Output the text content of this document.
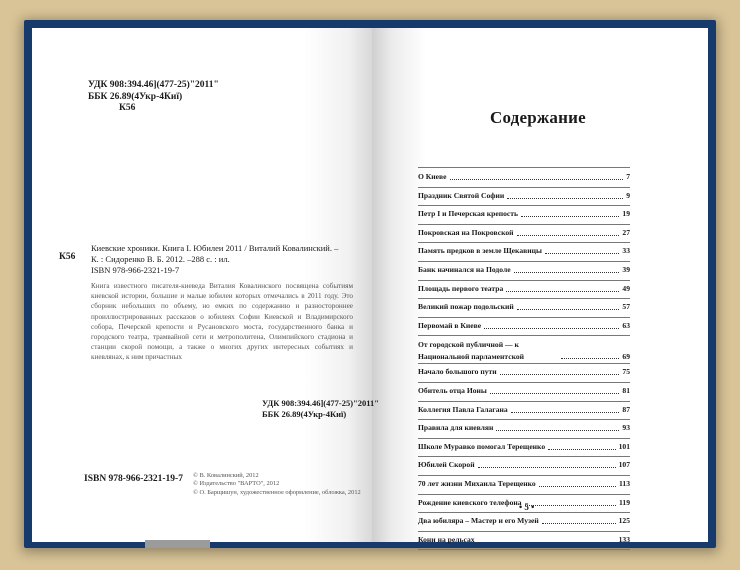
УДК 908:394.46](477-25)"2011"
ББК 26.89(4Укр-4Киї)
К56
К56
Киевские хроники. Книга I. Юбилеи 2011 / Виталий Ковалинский. –
К. : Сидоренко В. Б. 2012. –288 с. : ил.
ISBN 978-966-2321-19-7
Книга известного писателя-киеведа Виталия Ковалинского посвящена событиям киевской истории, большие и малые юбилеи которых отмечались в 2011 году. Это сборник небольших по объему, но емких по содержанию и разностороннее проиллюстрированных рассказов о юбилеях Софии Киевской и Владимирского собора, Печерской крепости и Русановского моста, государственного банка и городского театра, трамвайной сети и метрополитена, Олимпийского стадиона и станции скорой помощи, а также о многих других интересных событиях и киевлянах, к ним причастных
УДК 908:394.46](477-25)"2011"
ББК 26.89(4Укр-4Киї)
ISBN 978-966-2321-19-7 © В. Ковалинский, 2012
© Издательство "ВАРТО", 2012
© О. Барщишун, художественное оформление, обложка, 2012
Содержание
О Киеве	7
Праздник Святой Софии	9
Петр I и Печерская крепость	19
Покровская на Покровской	27
Память предков в земле Щекавицы	33
Банк начинался на Подоле	39
Площадь первого театра	49
Великий пожар подольский	57
Первомай в Киеве	63
От городской публичной — к Национальной парламентской	69
Начало большого пути	75
Обитель отца Ионы	81
Коллегия Павла Галагана	87
Правила для киевлян	93
Школе Муравко помогал Терещенко	101
Юбилей Скорой	107
70 лет жизни Михаила Терещенко	113
Рождение киевского телефона	119
Два юбиляра – Мастер и его Музей	125
Кони на рельсах	133
• 5 •
